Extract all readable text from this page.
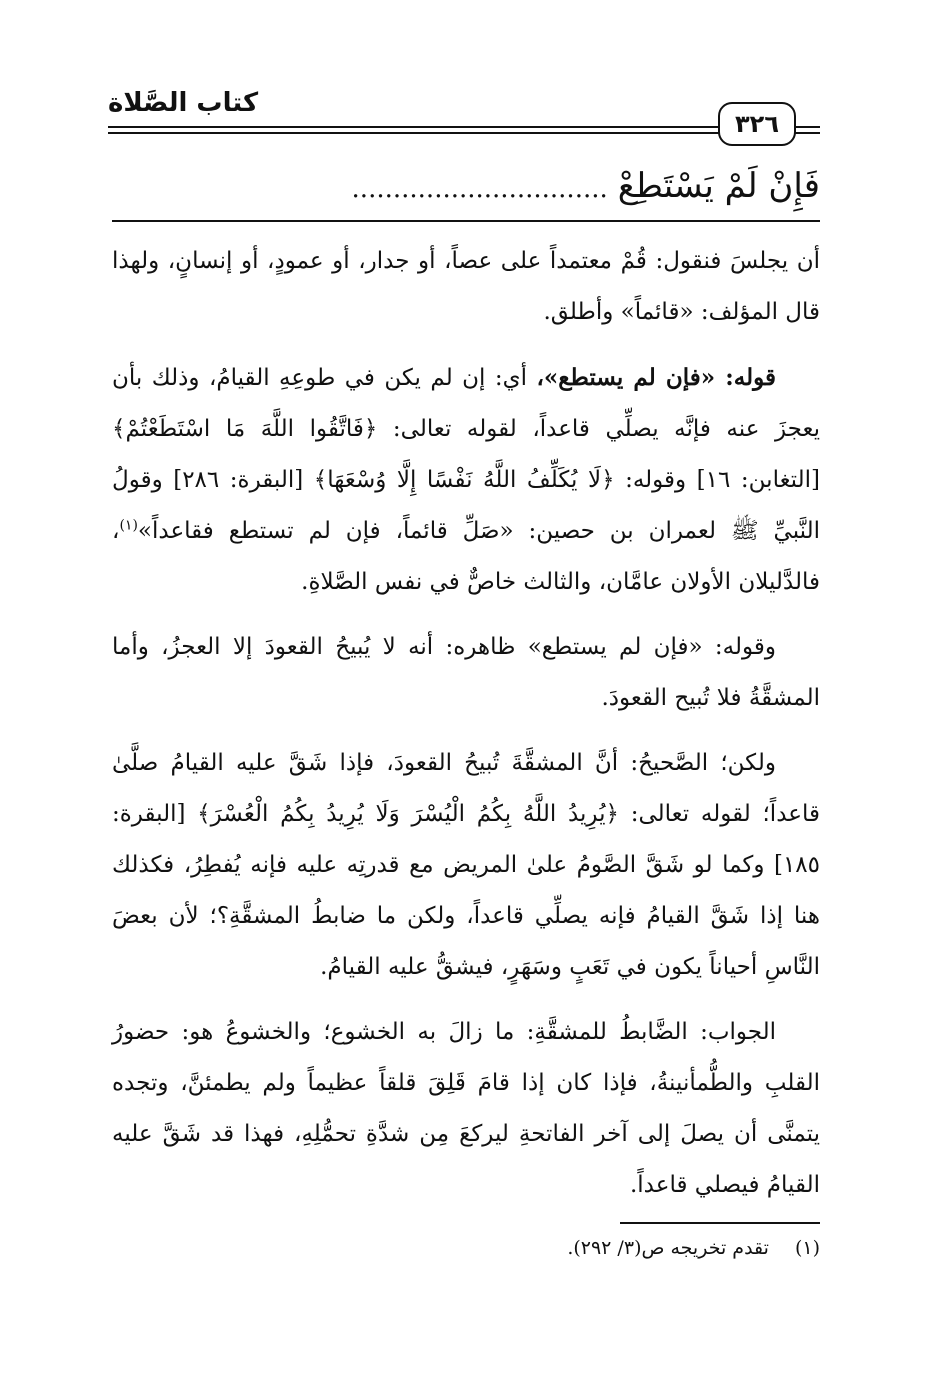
كتاب الصَّلاة
٣٢٦
فَإِنْ لَمْ يَسْتَطِعْ...............................

أن يجلسَ فنقول: قُمْ معتمداً على عصاً، أو جدار، أو عمودٍ، أو إنسانٍ، ولهذا قال المؤلف: «قائماً» وأطلق.

قوله: «فإن لم يستطع»، أي: إن لم يكن في طوعِهِ القيامُ، وذلك بأن يعجزَ عنه فإنَّه يصلِّي قاعداً، لقوله تعالى: ﴿فَاتَّقُوا اللَّهَ مَا اسْتَطَعْتُمْ﴾ [التغابن: ١٦] وقوله: ﴿لَا يُكَلِّفُ اللَّهُ نَفْسًا إِلَّا وُسْعَهَا﴾ [البقرة: ٢٨٦] وقولُ النَّبيِّ ﷺ لعمران بن حصين: «صَلِّ قائماً، فإن لم تستطع فقاعداً»$^{(١)}$، فالدَّليلان الأولان عامَّان، والثالث خاصٌّ في نفس الصَّلاةِ.

وقوله: «فإن لم يستطع» ظاهره: أنه لا يُبيحُ القعودَ إلا العجزُ، وأما المشقَّةُ فلا تُبيح القعودَ.

ولكن؛ الصَّحيحُ: أنَّ المشقَّةَ تُبيحُ القعودَ، فإذا شَقَّ عليه القيامُ صلَّىٰ قاعداً؛ لقوله تعالى: ﴿يُرِيدُ اللَّهُ بِكُمُ الْيُسْرَ وَلَا يُرِيدُ بِكُمُ الْعُسْرَ﴾ [البقرة: ١٨٥] وكما لو شَقَّ الصَّومُ علىٰ المريض مع قدرتِه عليه فإنه يُفطِرُ، فكذلك هنا إذا شَقَّ القيامُ فإنه يصلِّي قاعداً، ولكن ما ضابطُ المشقَّةِ؟؛ لأن بعضَ النَّاسِ أحياناً يكون في تَعَبٍ وسَهَرٍ، فيشقُّ عليه القيامُ.

الجواب: الضَّابطُ للمشقَّةِ: ما زالَ به الخشوع؛ والخشوعُ هو: حضورُ القلبِ والطُّمأنينةُ، فإذا كان إذا قامَ قَلِقَ قلقاً عظيماً ولم يطمئنَّ، وتجده يتمنَّى أن يصلَ إلى آخر الفاتحةِ ليركعَ مِن شدَّةِ تحمُّلِهِ، فهذا قد شَقَّ عليه القيامُ فيصلي قاعداً.

(١)تقدم تخريجه ص(٣/ ٢٩٢).
